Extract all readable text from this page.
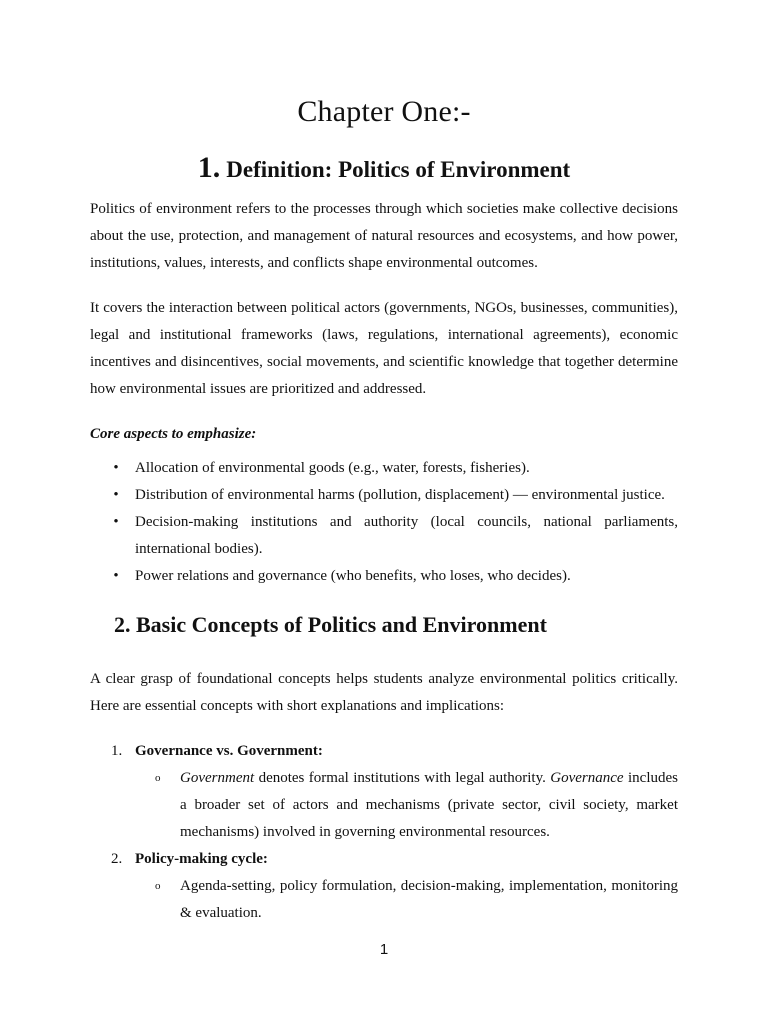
Chapter One:-
1. Definition: Politics of Environment

Politics of environment refers to the processes through which societies make collective decisions about the use, protection, and management of natural resources and ecosystems, and how power, institutions, values, interests, and conflicts shape environmental outcomes.

It covers the interaction between political actors (governments, NGOs, businesses, communities), legal and institutional frameworks (laws, regulations, international agreements), economic incentives and disincentives, social movements, and scientific knowledge that together determine how environmental issues are prioritized and addressed.

Core aspects to emphasize:

• Allocation of environmental goods (e.g., water, forests, fisheries).
• Distribution of environmental harms (pollution, displacement) — environmental justice.
• Decision-making institutions and authority (local councils, national parliaments, international bodies).
• Power relations and governance (who benefits, who loses, who decides).
2. Basic Concepts of Politics and Environment

A clear grasp of foundational concepts helps students analyze environmental politics critically. Here are essential concepts with short explanations and implications:

1. Governance vs. Government:
o Government denotes formal institutions with legal authority. Governance includes a broader set of actors and mechanisms (private sector, civil society, market mechanisms) involved in governing environmental resources.
2. Policy-making cycle:
o Agenda-setting, policy formulation, decision-making, implementation, monitoring & evaluation.

1
